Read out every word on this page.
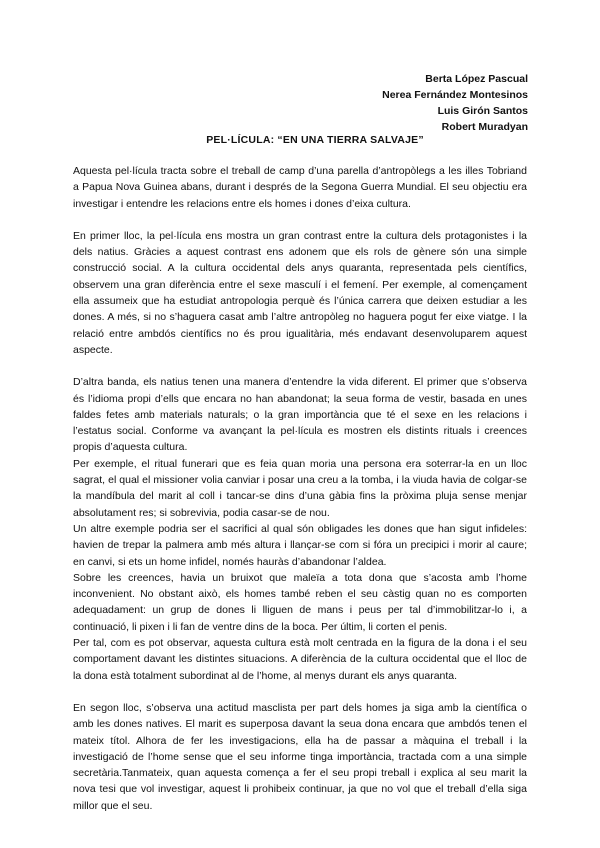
Berta López Pascual
Nerea Fernández Montesinos
Luis Girón Santos
Robert Muradyan
PEL·LÍCULA: “EN UNA TIERRA SALVAJE”

Aquesta pel·lícula tracta sobre el treball de camp d’una parella d’antropòlegs a les illes Tobriand a Papua Nova Guinea abans, durant i després de la Segona Guerra Mundial. El seu objectiu era investigar i entendre les relacions entre els homes i dones d’eixa cultura.

En primer lloc, la pel·lícula ens mostra un gran contrast entre la cultura dels protagonistes i la dels natius. Gràcies a aquest contrast ens adonem que els rols de gènere són una simple construcció social. A la cultura occidental dels anys quaranta, representada pels científics, observem una gran diferència entre el sexe masculí i el femení. Per exemple, al començament ella assumeix que ha estudiat antropologia perquè és l’única carrera que deixen estudiar a les dones. A més, si no s’haguera casat amb l’altre antropòleg no haguera pogut fer eixe viatge. I la relació entre ambdós científics no és prou igualitària, més endavant desenvoluparem aquest aspecte.

D’altra banda, els natius tenen una manera d’entendre la vida diferent. El primer que s’observa és l’idioma propi d’ells que encara no han abandonat; la seua forma de vestir, basada en unes faldes fetes amb materials naturals; o la gran importància que té el sexe en les relacions i l’estatus social. Conforme va avançant la pel·lícula es mostren els distints rituals i creences propis d’aquesta cultura.

Per exemple, el ritual funerari que es feia quan moria una persona era soterrar-la en un lloc sagrat, el qual el missioner volia canviar i posar una creu a la tomba, i la viuda havia de colgar-se la mandíbula del marit al coll i tancar-se dins d’una gàbia fins la pròxima pluja sense menjar absolutament res; si sobrevivia, podia casar-se de nou.

Un altre exemple podria ser el sacrifici al qual són obligades les dones que han sigut infideles: havien de trepar la palmera amb més altura i llançar-se com si fóra un precipici i morir al caure; en canvi, si ets un home infidel, només hauràs d’abandonar l’aldea.

Sobre les creences, havia un bruixot que maleïa a tota dona que s’acosta amb l’home inconvenient. No obstant això, els homes també reben el seu càstig quan no es comporten adequadament: un grup de dones li lliguen de mans i peus per tal d’immobilitzar-lo i, a continuació, li pixen i li fan de ventre dins de la boca. Per últim, li corten el penis.

Per tal, com es pot observar, aquesta cultura està molt centrada en la figura de la dona i el seu comportament davant les distintes situacions. A diferència de la cultura occidental que el lloc de la dona està totalment subordinat al de l’home, al menys durant els anys quaranta.

En segon lloc, s’observa una actitud masclista per part dels homes ja siga amb la científica o amb les dones natives. El marit es superposa davant la seua dona encara que ambdós tenen el mateix títol. Alhora de fer les investigacions, ella ha de passar a màquina el treball i la investigació de l’home sense que el seu informe tinga importància, tractada com a una simple secretària.Tanmateix, quan aquesta comença a fer el seu propi treball i explica al seu marit la nova tesi que vol investigar, aquest li prohibeix continuar, ja que no vol que el treball d’ella siga millor que el seu.
